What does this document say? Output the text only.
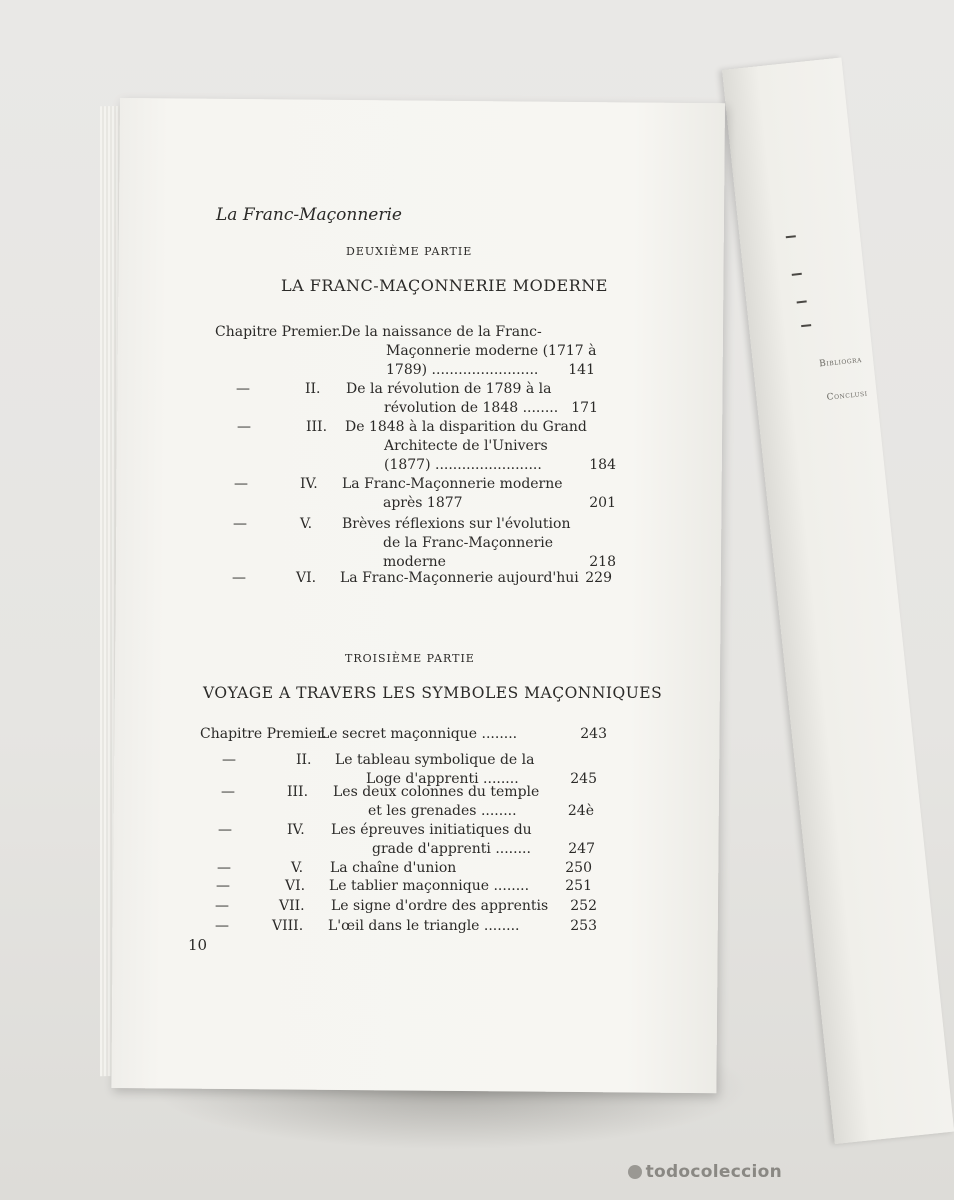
Bibliogra
Conclusi
La Franc-Maçonnerie
DEUXIÈME PARTIE
LA FRANC-MAÇONNERIE MODERNE
Chapitre Premier. De la naissance de la Franc-
Maçonnerie moderne (1717 à
1789) ........................	141
—	II. De la révolution de 1789 à la
révolution de 1848 ........ 171
—	III. De 1848 à la disparition du Grand
Architecte de l'Univers
(1877) ........................	184
—	IV. La Franc-Maçonnerie moderne
après 1877	201
—	V. Brèves réflexions sur l'évolution
de la Franc-Maçonnerie
moderne	218
—	VI. La Franc-Maçonnerie aujourd'hui 229
TROISIÈME PARTIE
VOYAGE A TRAVERS LES SYMBOLES MAÇONNIQUES
Chapitre Premier.
Le secret maçonnique ........	243
—	II. Le tableau symbolique de la
Loge d'apprenti ........	245
—	III. Les deux colonnes du temple
et les grenades ........	24è
—	IV. Les épreuves initiatiques du
grade d'apprenti ........	247
—	V. La chaîne d'union	250
—	VI. Le tablier maçonnique ........	251
—	VII. Le signe d'ordre des apprentis	252
—	VIII. L'œil dans le triangle ........	253
10
todocoleccion
